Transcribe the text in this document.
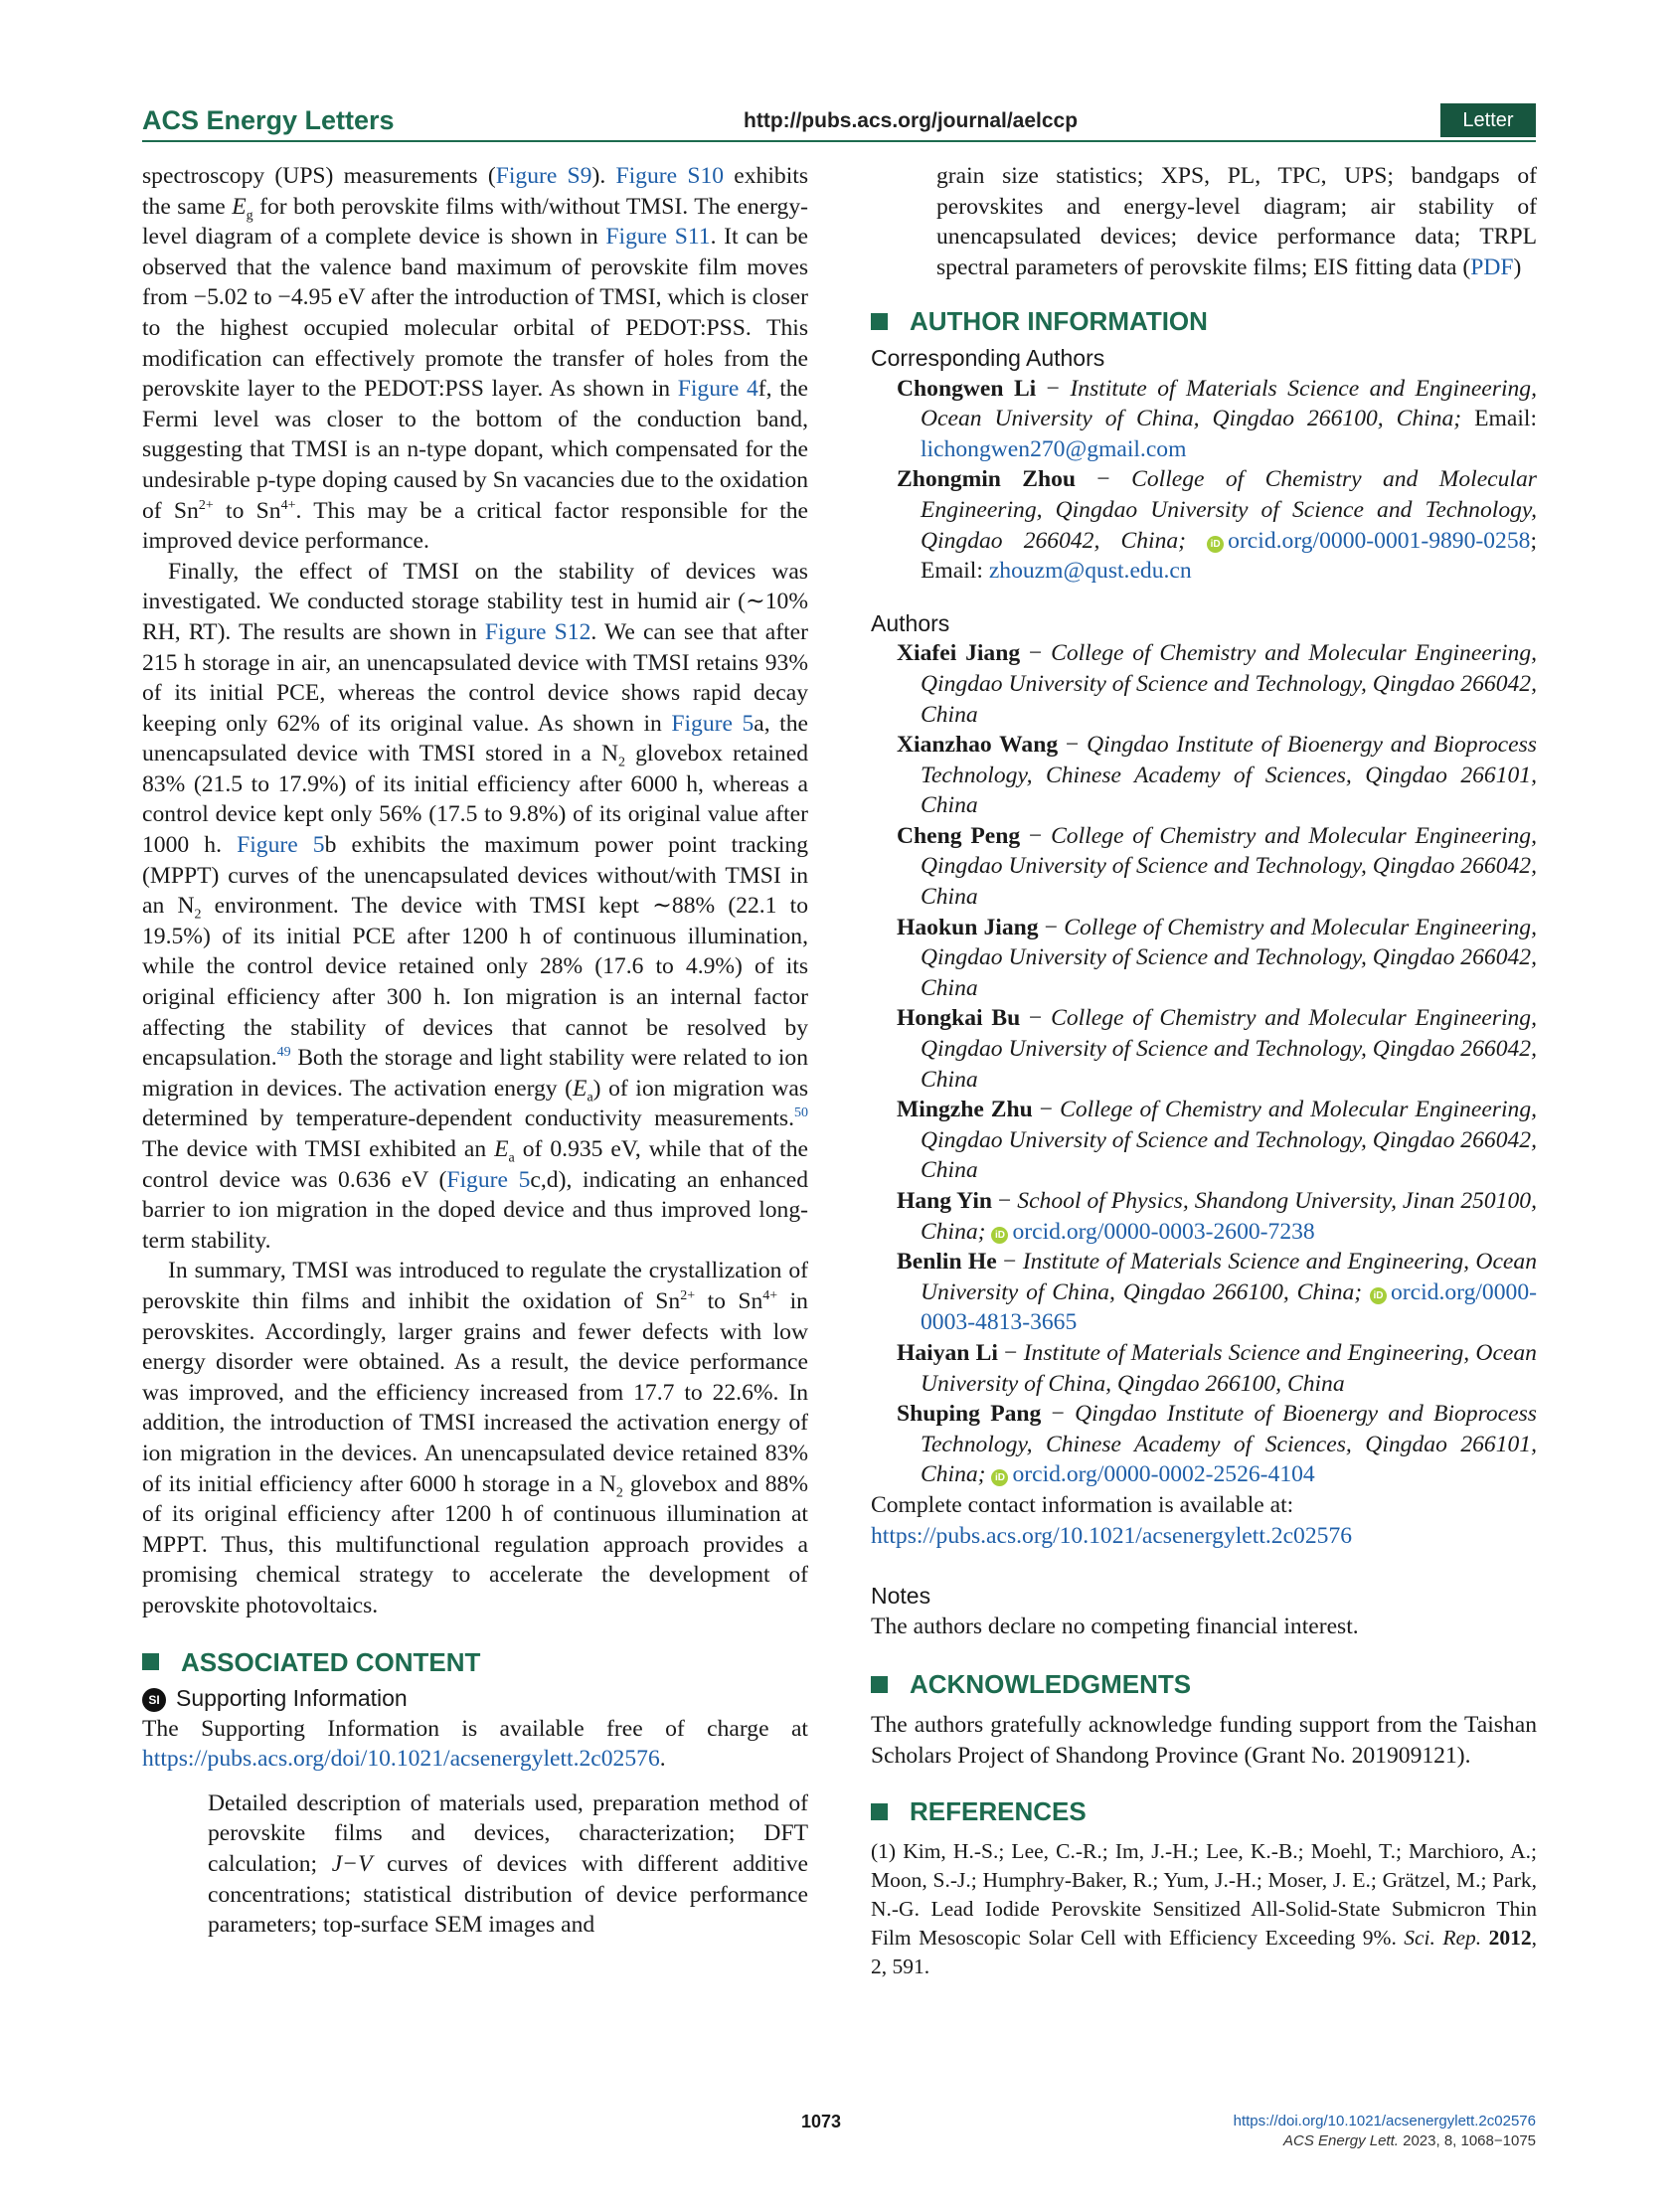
ACS Energy Letters	http://pubs.acs.org/journal/aelccp	Letter

spectroscopy (UPS) measurements (Figure S9). Figure S10 exhibits the same $E_g$ for both perovskite films with/without TMSI. The energy-level diagram of a complete device is shown in Figure S11. It can be observed that the valence band maximum of perovskite film moves from −5.02 to −4.95 eV after the introduction of TMSI, which is closer to the highest occupied molecular orbital of PEDOT:PSS. This modification can effectively promote the transfer of holes from the perovskite layer to the PEDOT:PSS layer. As shown in Figure 4f, the Fermi level was closer to the bottom of the conduction band, suggesting that TMSI is an n-type dopant, which compensated for the undesirable p-type doping caused by Sn vacancies due to the oxidation of $Sn^{2+}$ to $Sn^{4+}$. This may be a critical factor responsible for the improved device performance.

Finally, the effect of TMSI on the stability of devices was investigated. We conducted storage stability test in humid air (∼10% RH, RT). The results are shown in Figure S12. We can see that after 215 h storage in air, an unencapsulated device with TMSI retains 93% of its initial PCE, whereas the control device shows rapid decay keeping only 62% of its original value. As shown in Figure 5a, the unencapsulated device with TMSI stored in a $N_2$ glovebox retained 83% (21.5 to 17.9%) of its initial efficiency after 6000 h, whereas a control device kept only 56% (17.5 to 9.8%) of its original value after 1000 h. Figure 5b exhibits the maximum power point tracking (MPPT) curves of the unencapsulated devices without/with TMSI in an $N_2$ environment. The device with TMSI kept ∼88% (22.1 to 19.5%) of its initial PCE after 1200 h of continuous illumination, while the control device retained only 28% (17.6 to 4.9%) of its original efficiency after 300 h. Ion migration is an internal factor affecting the stability of devices that cannot be resolved by encapsulation.$^{49}$ Both the storage and light stability were related to ion migration in devices. The activation energy $(E_a)$ of ion migration was determined by temperature-dependent conductivity measurements.$^{50}$ The device with TMSI exhibited an $E_a$ of 0.935 eV, while that of the control device was 0.636 eV (Figure 5c,d), indicating an enhanced barrier to ion migration in the doped device and thus improved long-term stability.

In summary, TMSI was introduced to regulate the crystallization of perovskite thin films and inhibit the oxidation of $Sn^{2+}$ to $Sn^{4+}$ in perovskites. Accordingly, larger grains and fewer defects with low energy disorder were obtained. As a result, the device performance was improved, and the efficiency increased from 17.7 to 22.6%. In addition, the introduction of TMSI increased the activation energy of ion migration in the devices. An unencapsulated device retained 83% of its initial efficiency after 6000 h storage in a $N_2$ glovebox and 88% of its original efficiency after 1200 h of continuous illumination at MPPT. Thus, this multifunctional regulation approach provides a promising chemical strategy to accelerate the development of perovskite photovoltaics.

ASSOCIATED CONTENT

SI Supporting Information

The Supporting Information is available free of charge at https://pubs.acs.org/doi/10.1021/acsenergylett.2c02576.

Detailed description of materials used, preparation method of perovskite films and devices, characterization; DFT calculation; J−V curves of devices with different additive concentrations; statistical distribution of device performance parameters; top-surface SEM images and

grain size statistics; XPS, PL, TPC, UPS; bandgaps of perovskites and energy-level diagram; air stability of unencapsulated devices; device performance data; TRPL spectral parameters of perovskite films; EIS fitting data (PDF)

AUTHOR INFORMATION

Corresponding Authors

Chongwen Li − Institute of Materials Science and Engineering, Ocean University of China, Qingdao 266100, China; Email: lichongwen270@gmail.com

Zhongmin Zhou − College of Chemistry and Molecular Engineering, Qingdao University of Science and Technology, Qingdao 266042, China; iD orcid.org/0000-0001-9890-0258; Email: zhouzm@qust.edu.cn

Authors

Xiafei Jiang − College of Chemistry and Molecular Engineering, Qingdao University of Science and Technology, Qingdao 266042, China

Xianzhao Wang − Qingdao Institute of Bioenergy and Bioprocess Technology, Chinese Academy of Sciences, Qingdao 266101, China

Cheng Peng − College of Chemistry and Molecular Engineering, Qingdao University of Science and Technology, Qingdao 266042, China

Haokun Jiang − College of Chemistry and Molecular Engineering, Qingdao University of Science and Technology, Qingdao 266042, China

Hongkai Bu − College of Chemistry and Molecular Engineering, Qingdao University of Science and Technology, Qingdao 266042, China

Mingzhe Zhu − College of Chemistry and Molecular Engineering, Qingdao University of Science and Technology, Qingdao 266042, China

Hang Yin − School of Physics, Shandong University, Jinan 250100, China; iD orcid.org/0000-0003-2600-7238

Benlin He − Institute of Materials Science and Engineering, Ocean University of China, Qingdao 266100, China; iD orcid.org/0000-0003-4813-3665

Haiyan Li − Institute of Materials Science and Engineering, Ocean University of China, Qingdao 266100, China

Shuping Pang − Qingdao Institute of Bioenergy and Bioprocess Technology, Chinese Academy of Sciences, Qingdao 266101, China; iD orcid.org/0000-0002-2526-4104

Complete contact information is available at:

https://pubs.acs.org/10.1021/acsenergylett.2c02576

Notes

The authors declare no competing financial interest.

ACKNOWLEDGMENTS

The authors gratefully acknowledge funding support from the Taishan Scholars Project of Shandong Province (Grant No. 201909121).

REFERENCES

(1) Kim, H.-S.; Lee, C.-R.; Im, J.-H.; Lee, K.-B.; Moehl, T.; Marchioro, A.; Moon, S.-J.; Humphry-Baker, R.; Yum, J.-H.; Moser, J. E.; Grätzel, M.; Park, N.-G. Lead Iodide Perovskite Sensitized All-Solid-State Submicron Thin Film Mesoscopic Solar Cell with Efficiency Exceeding 9%. Sci. Rep. 2012, 2, 591.

1073	https://doi.org/10.1021/acsenergylett.2c02576
ACS Energy Lett. 2023, 8, 1068−1075
